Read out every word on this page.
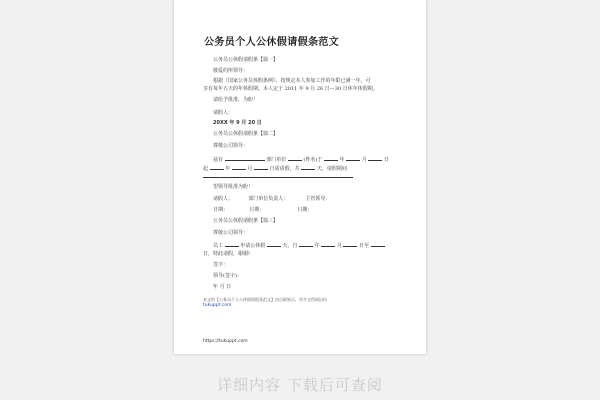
公务员个人公休假请假条范文
公务员公休假请假条【篇一】
敬爱的所领导：
根据《国家公务员休假条例》，按规定本人参加工作的年限已满一年，可
享有每年五天的年休假期。本人定于 2011 年 9 月 26 日—30 日休年休假期。
请给予批准，为盼！
请假人：
20XX 年 9 月 20 日
公务员公休假请假条【篇二】
尊敬公司领导：
兹有	部门单位	(姓名)于	年	月	日
起	年	月	日需请假，共	天，请假期间
望领导批准为盼！
请假人：	部门单位负责人：	主管领导：
日期：	日期：	日期：
公务员公休假请假条【篇三】
尊敬公司领导：
员工	申请公休假	天，自	年	月	日至
日，特此请假，谢谢!
签字：
领导(签字)：
年 月 日
本文档【公务员个人公休假请假条范文】由自联展示，更多文档请访问
tukuppt.com
https://tukuppt.com
详细内容 下载后可查阅
